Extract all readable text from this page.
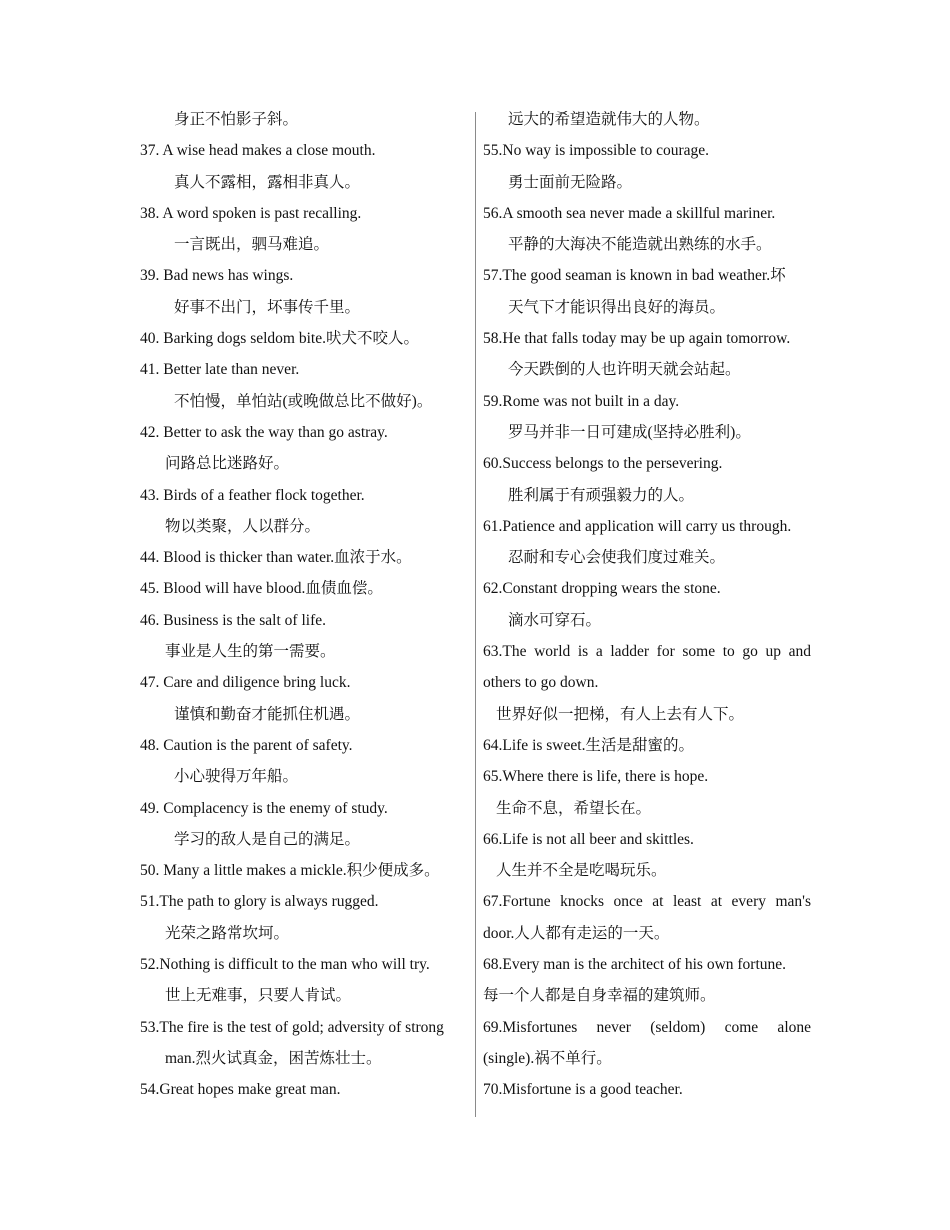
身正不怕影子斜。
37. A wise head makes a close mouth.
真人不露相，露相非真人。
38. A word spoken is past recalling.
一言既出，驷马难追。
39. Bad news has wings.
好事不出门，坏事传千里。
40. Barking dogs seldom bite.吠犬不咬人。
41. Better late than never.
不怕慢，单怕站(或晚做总比不做好)。
42. Better to ask the way than go astray.
问路总比迷路好。
43. Birds of a feather flock together.
物以类聚，人以群分。
44. Blood is thicker than water.血浓于水。
45. Blood will have blood.血债血偿。
46. Business is the salt of life.
事业是人生的第一需要。
47. Care and diligence bring luck.
谨慎和勤奋才能抓住机遇。
48. Caution is the parent of safety.
小心驶得万年船。
49. Complacency is the enemy of study.
学习的敌人是自己的满足。
50. Many a little makes a mickle.积少便成多。
51.The path to glory is always rugged.
光荣之路常坎坷。
52.Nothing is difficult to the man who will try.
世上无难事，只要人肯试。
53.The fire is the test of gold; adversity of strong
man.烈火试真金，困苦炼壮士。
54.Great hopes make great man.
远大的希望造就伟大的人物。
55.No way is impossible to courage.
勇士面前无险路。
56.A smooth sea never made a skillful mariner.
平静的大海决不能造就出熟练的水手。
57.The good seaman is known in bad weather.坏
天气下才能识得出良好的海员。
58.He that falls today may be up again tomorrow.
今天跌倒的人也许明天就会站起。
59.Rome was not built in a day.
罗马并非一日可建成(坚持必胜利)。
60.Success belongs to the persevering.
胜利属于有顽强毅力的人。
61.Patience and application will carry us through.
忍耐和专心会使我们度过难关。
62.Constant dropping wears the stone.
滴水可穿石。
63.The world is a ladder for some to go up and
others to go down.
世界好似一把梯，有人上去有人下。
64.Life is sweet.生活是甜蜜的。
65.Where there is life, there is hope.
生命不息，希望长在。
66.Life is not all beer and skittles.
人生并不全是吃喝玩乐。
67.Fortune knocks once at least at every man's
door.人人都有走运的一天。
68.Every man is the architect of his own fortune.
每一个人都是自身幸福的建筑师。
69.Misfortunes never (seldom) come alone
(single).祸不单行。
70.Misfortune is a good teacher.
